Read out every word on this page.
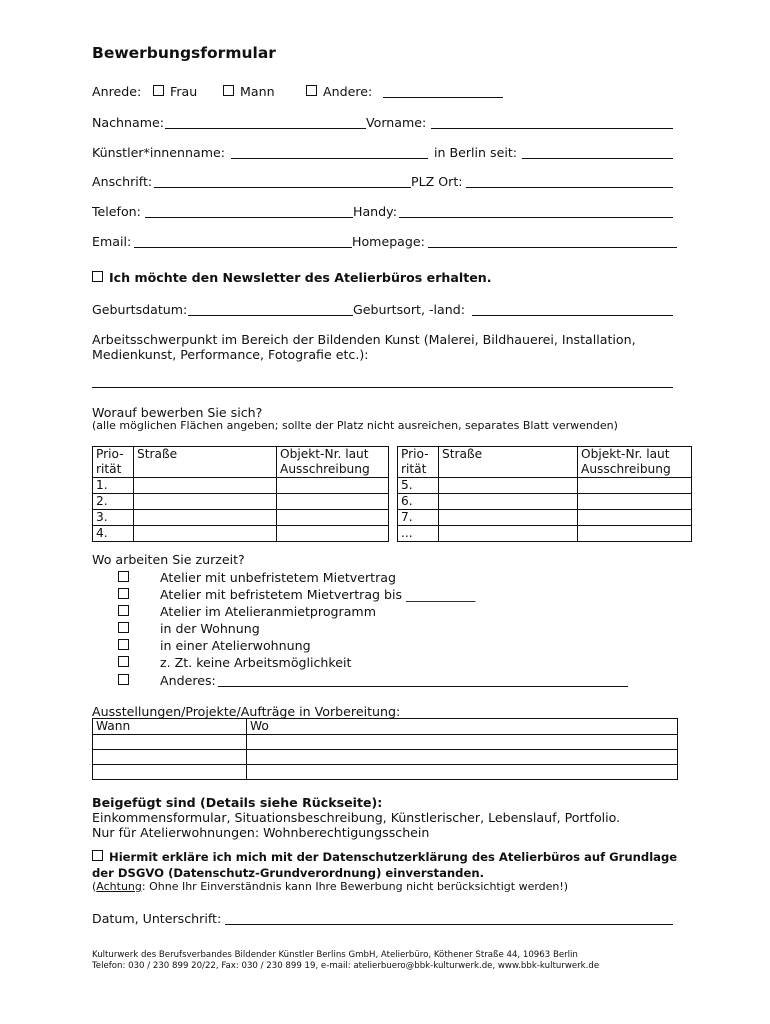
Bewerbungsformular
Anrede:	Frau	Mann	Andere:
Nachname:	Vorname:
Künstler*innenname:	in Berlin seit:
Anschrift:	PLZ Ort:
Telefon:	Handy:
Email:	Homepage:
Ich möchte den Newsletter des Atelierbüros erhalten.
Geburtsdatum:	Geburtsort, -land:
Arbeitsschwerpunkt im Bereich der Bildenden Kunst (Malerei, Bildhauerei, Installation,
Medienkunst, Performance, Fotografie etc.):
Worauf bewerben Sie sich?
(alle möglichen Flächen angeben; sollte der Platz nicht ausreichen, separates Blatt verwenden)
Prio-
rität	Straße	Objekt-Nr. laut
Ausschreibung
1.		
2.		
3.		
4.		
Prio-
rität	Straße	Objekt-Nr. laut
Ausschreibung
5.		
6.		
7.		
...		
Wo arbeiten Sie zurzeit?
Atelier mit unbefristetem Mietvertrag
Atelier mit befristetem Mietvertrag bis ___________
Atelier im Atelieranmietprogramm
in der Wohnung
in einer Atelierwohnung
z. Zt. keine Arbeitsmöglichkeit
Anderes:
Ausstellungen/Projekte/Aufträge in Vorbereitung:
Wann	Wo

Beigefügt sind (Details siehe Rückseite):
Einkommensformular, Situationsbeschreibung, Künstlerischer, Lebenslauf, Portfolio.
Nur für Atelierwohnungen: Wohnberechtigungsschein
Hiermit erkläre ich mich mit der Datenschutzerklärung des Atelierbüros auf Grundlage
der DSGVO (Datenschutz-Grundverordnung) einverstanden.
(Achtung: Ohne Ihr Einverständnis kann Ihre Bewerbung nicht berücksichtigt werden!)
Datum, Unterschrift:
Kulturwerk des Berufsverbandes Bildender Künstler Berlins GmbH, Atelierbüro, Köthener Straße 44, 10963 Berlin
Telefon: 030 / 230 899 20/22, Fax: 030 / 230 899 19, e-mail: atelierbuero@bbk-kulturwerk.de, www.bbk-kulturwerk.de
